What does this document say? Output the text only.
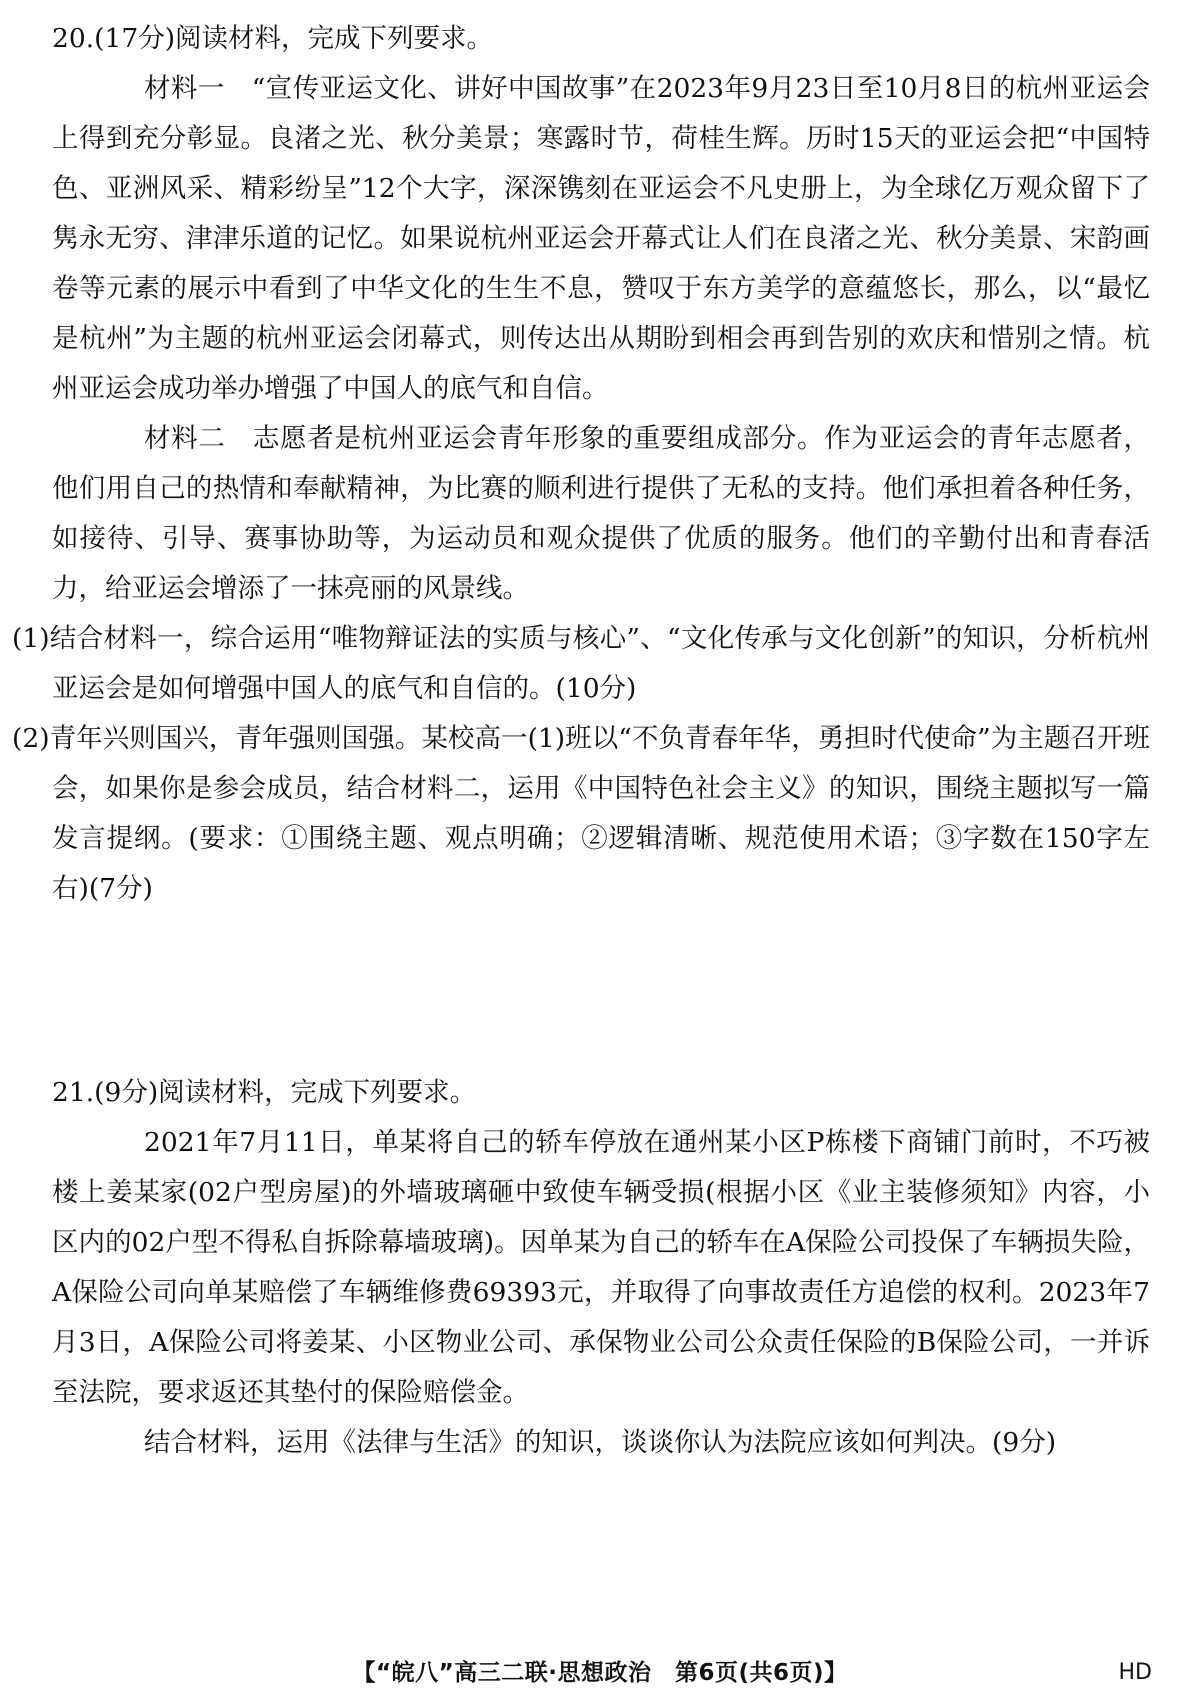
20.(17分)阅读材料，完成下列要求。

材料一　“宣传亚运文化、讲好中国故事”在2023年9月23日至10月8日的杭州亚运会上得到充分彰显。良渚之光、秋分美景；寒露时节，荷桂生辉。历时15天的亚运会把“中国特色、亚洲风采、精彩纷呈”12个大字，深深镌刻在亚运会不凡史册上，为全球亿万观众留下了隽永无穷、津津乐道的记忆。如果说杭州亚运会开幕式让人们在良渚之光、秋分美景、宋韵画卷等元素的展示中看到了中华文化的生生不息，赞叹于东方美学的意蕴悠长，那么，以“最忆是杭州”为主题的杭州亚运会闭幕式，则传达出从期盼到相会再到告别的欢庆和惜别之情。杭州亚运会成功举办增强了中国人的底气和自信。

材料二　志愿者是杭州亚运会青年形象的重要组成部分。作为亚运会的青年志愿者，他们用自己的热情和奉献精神，为比赛的顺利进行提供了无私的支持。他们承担着各种任务，如接待、引导、赛事协助等，为运动员和观众提供了优质的服务。他们的辛勤付出和青春活力，给亚运会增添了一抹亮丽的风景线。

(1)结合材料一，综合运用“唯物辩证法的实质与核心”、“文化传承与文化创新”的知识，分析杭州亚运会是如何增强中国人的底气和自信的。(10分)

(2)青年兴则国兴，青年强则国强。某校高一(1)班以“不负青春年华，勇担时代使命”为主题召开班会，如果你是参会成员，结合材料二，运用《中国特色社会主义》的知识，围绕主题拟写一篇发言提纲。(要求：①围绕主题、观点明确；②逻辑清晰、规范使用术语；③字数在150字左右)(7分)

21.(9分)阅读材料，完成下列要求。

2021年7月11日，单某将自己的轿车停放在通州某小区P栋楼下商铺门前时，不巧被楼上姜某家(02户型房屋)的外墙玻璃砸中致使车辆受损(根据小区《业主装修须知》内容，小区内的02户型不得私自拆除幕墙玻璃)。因单某为自己的轿车在A保险公司投保了车辆损失险，A保险公司向单某赔偿了车辆维修费69393元，并取得了向事故责任方追偿的权利。2023年7月3日，A保险公司将姜某、小区物业公司、承保物业公司公众责任保险的B保险公司，一并诉至法院，要求返还其垫付的保险赔偿金。

结合材料，运用《法律与生活》的知识，谈谈你认为法院应该如何判决。(9分)

【“皖八”高三二联·思想政治　第6页(共6页)】	HD
